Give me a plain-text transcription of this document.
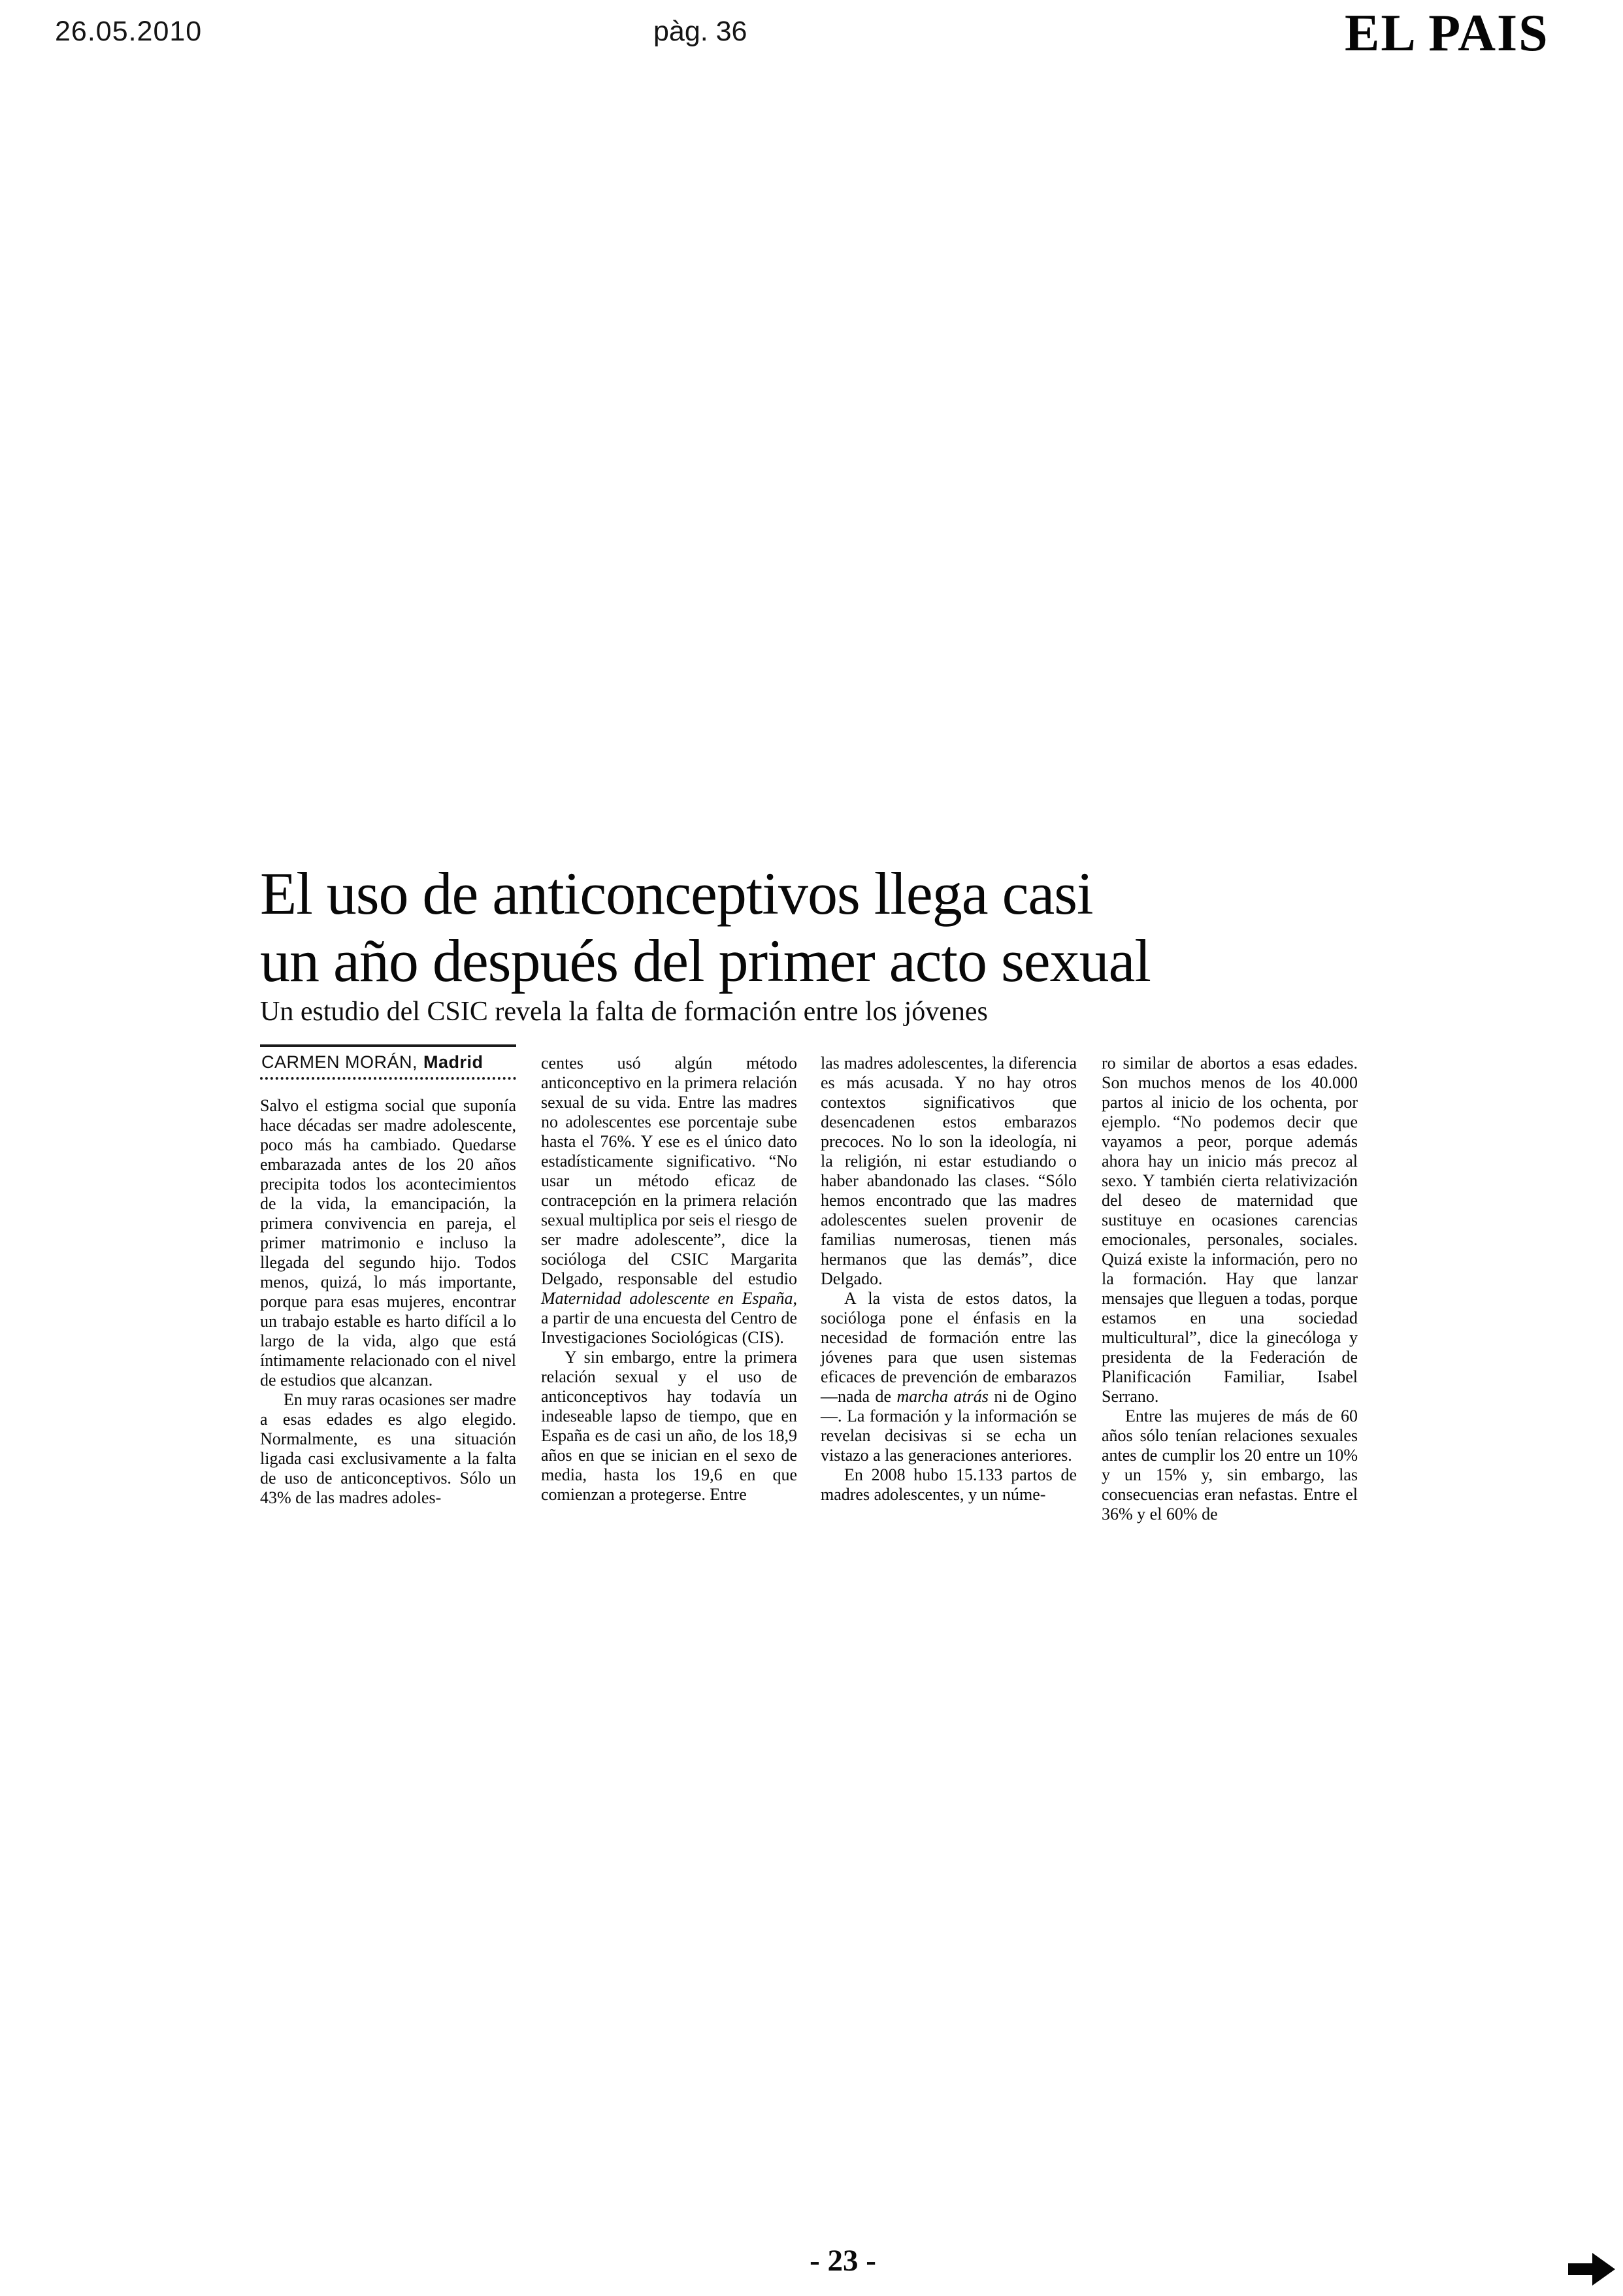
26.05.2010	pàg. 36	EL PAIS
El uso de anticonceptivos llega casi
un año después del primer acto sexual
Un estudio del CSIC revela la falta de formación entre los jóvenes
CARMEN MORÁN, Madrid

Salvo el estigma social que suponía hace décadas ser madre adolescente, poco más ha cambiado. Quedarse embarazada antes de los 20 años precipita todos los acontecimientos de la vida, la emancipación, la primera convivencia en pareja, el primer matrimonio e incluso la llegada del segundo hijo. Todos menos, quizá, lo más importante, porque para esas mujeres, encontrar un trabajo estable es harto difícil a lo largo de la vida, algo que está íntimamente relacionado con el nivel de estudios que alcanzan.

En muy raras ocasiones ser madre a esas edades es algo elegido. Normalmente, es una situación ligada casi exclusivamente a la falta de uso de anticonceptivos. Sólo un 43% de las madres adoles-

centes usó algún método anticonceptivo en la primera relación sexual de su vida. Entre las madres no adolescentes ese porcentaje sube hasta el 76%. Y ese es el único dato estadísticamente significativo. “No usar un método eficaz de contracepción en la primera relación sexual multiplica por seis el riesgo de ser madre adolescente”, dice la socióloga del CSIC Margarita Delgado, responsable del estudio Maternidad adolescente en España, a partir de una encuesta del Centro de Investigaciones Sociológicas (CIS).

Y sin embargo, entre la primera relación sexual y el uso de anticonceptivos hay todavía un indeseable lapso de tiempo, que en España es de casi un año, de los 18,9 años en que se inician en el sexo de media, hasta los 19,6 en que comienzan a protegerse. Entre

las madres adolescentes, la diferencia es más acusada. Y no hay otros contextos significativos que desencadenen estos embarazos precoces. No lo son la ideología, ni la religión, ni estar estudiando o haber abandonado las clases. “Sólo hemos encontrado que las madres adolescentes suelen provenir de familias numerosas, tienen más hermanos que las demás”, dice Delgado.

A la vista de estos datos, la socióloga pone el énfasis en la necesidad de formación entre las jóvenes para que usen sistemas eficaces de prevención de embarazos —nada de marcha atrás ni de Ogino—. La formación y la información se revelan decisivas si se echa un vistazo a las generaciones anteriores.

En 2008 hubo 15.133 partos de madres adolescentes, y un núme-

ro similar de abortos a esas edades. Son muchos menos de los 40.000 partos al inicio de los ochenta, por ejemplo. “No podemos decir que vayamos a peor, porque además ahora hay un inicio más precoz al sexo. Y también cierta relativización del deseo de maternidad que sustituye en ocasiones carencias emocionales, personales, sociales. Quizá existe la información, pero no la formación. Hay que lanzar mensajes que lleguen a todas, porque estamos en una sociedad multicultural”, dice la ginecóloga y presidenta de la Federación de Planificación Familiar, Isabel Serrano.

Entre las mujeres de más de 60 años sólo tenían relaciones sexuales antes de cumplir los 20 entre un 10% y un 15% y, sin embargo, las consecuencias eran nefastas. Entre el 36% y el 60% de

- 23 -
